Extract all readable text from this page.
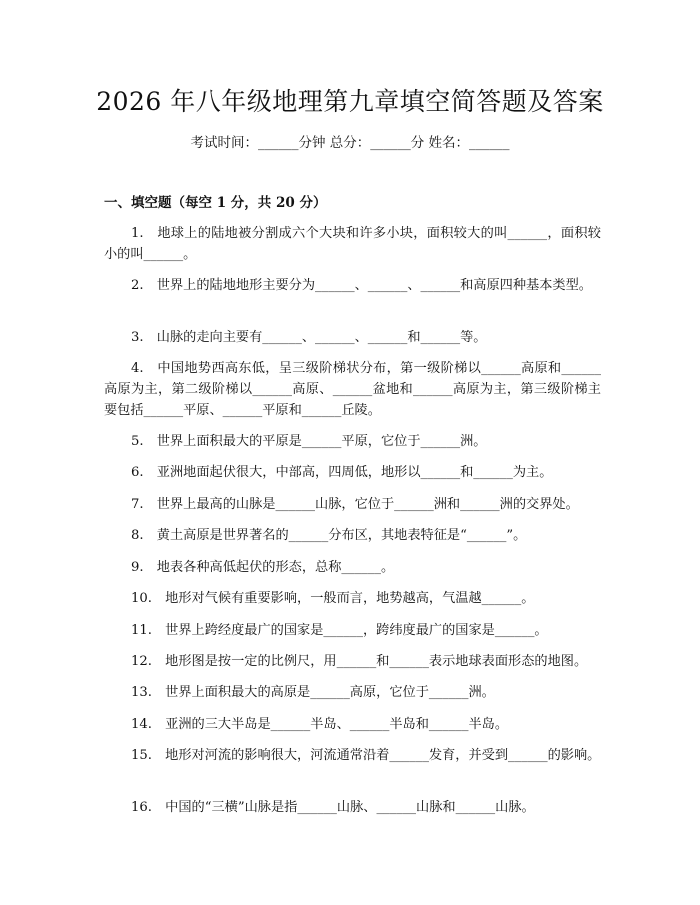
2026 年八年级地理第九章填空简答题及答案
考试时间：______分钟 总分：______分 姓名：______
一、填空题（每空 1 分，共 20 分）
1.　地球上的陆地被分割成六个大块和许多小块，面积较大的叫______，面积较小的叫______。
2.　世界上的陆地地形主要分为______、______、______和高原四种基本类型。
3.　山脉的走向主要有______、______、______和______等。
4.　中国地势西高东低，呈三级阶梯状分布，第一级阶梯以______高原和______高原为主，第二级阶梯以______高原、______盆地和______高原为主，第三级阶梯主要包括______平原、______平原和______丘陵。
5.　世界上面积最大的平原是______平原，它位于______洲。
6.　亚洲地面起伏很大，中部高，四周低，地形以______和______为主。
7.　世界上最高的山脉是______山脉，它位于______洲和______洲的交界处。
8.　黄土高原是世界著名的______分布区，其地表特征是“______”。
9.　地表各种高低起伏的形态，总称______。
10.　地形对气候有重要影响，一般而言，地势越高，气温越______。
11.　世界上跨经度最广的国家是______，跨纬度最广的国家是______。
12.　地形图是按一定的比例尺，用______和______表示地球表面形态的地图。
13.　世界上面积最大的高原是______高原，它位于______洲。
14.　亚洲的三大半岛是______半岛、______半岛和______半岛。
15.　地形对河流的影响很大，河流通常沿着______发育，并受到______的影响。
16.　中国的“三横”山脉是指______山脉、______山脉和______山脉。
